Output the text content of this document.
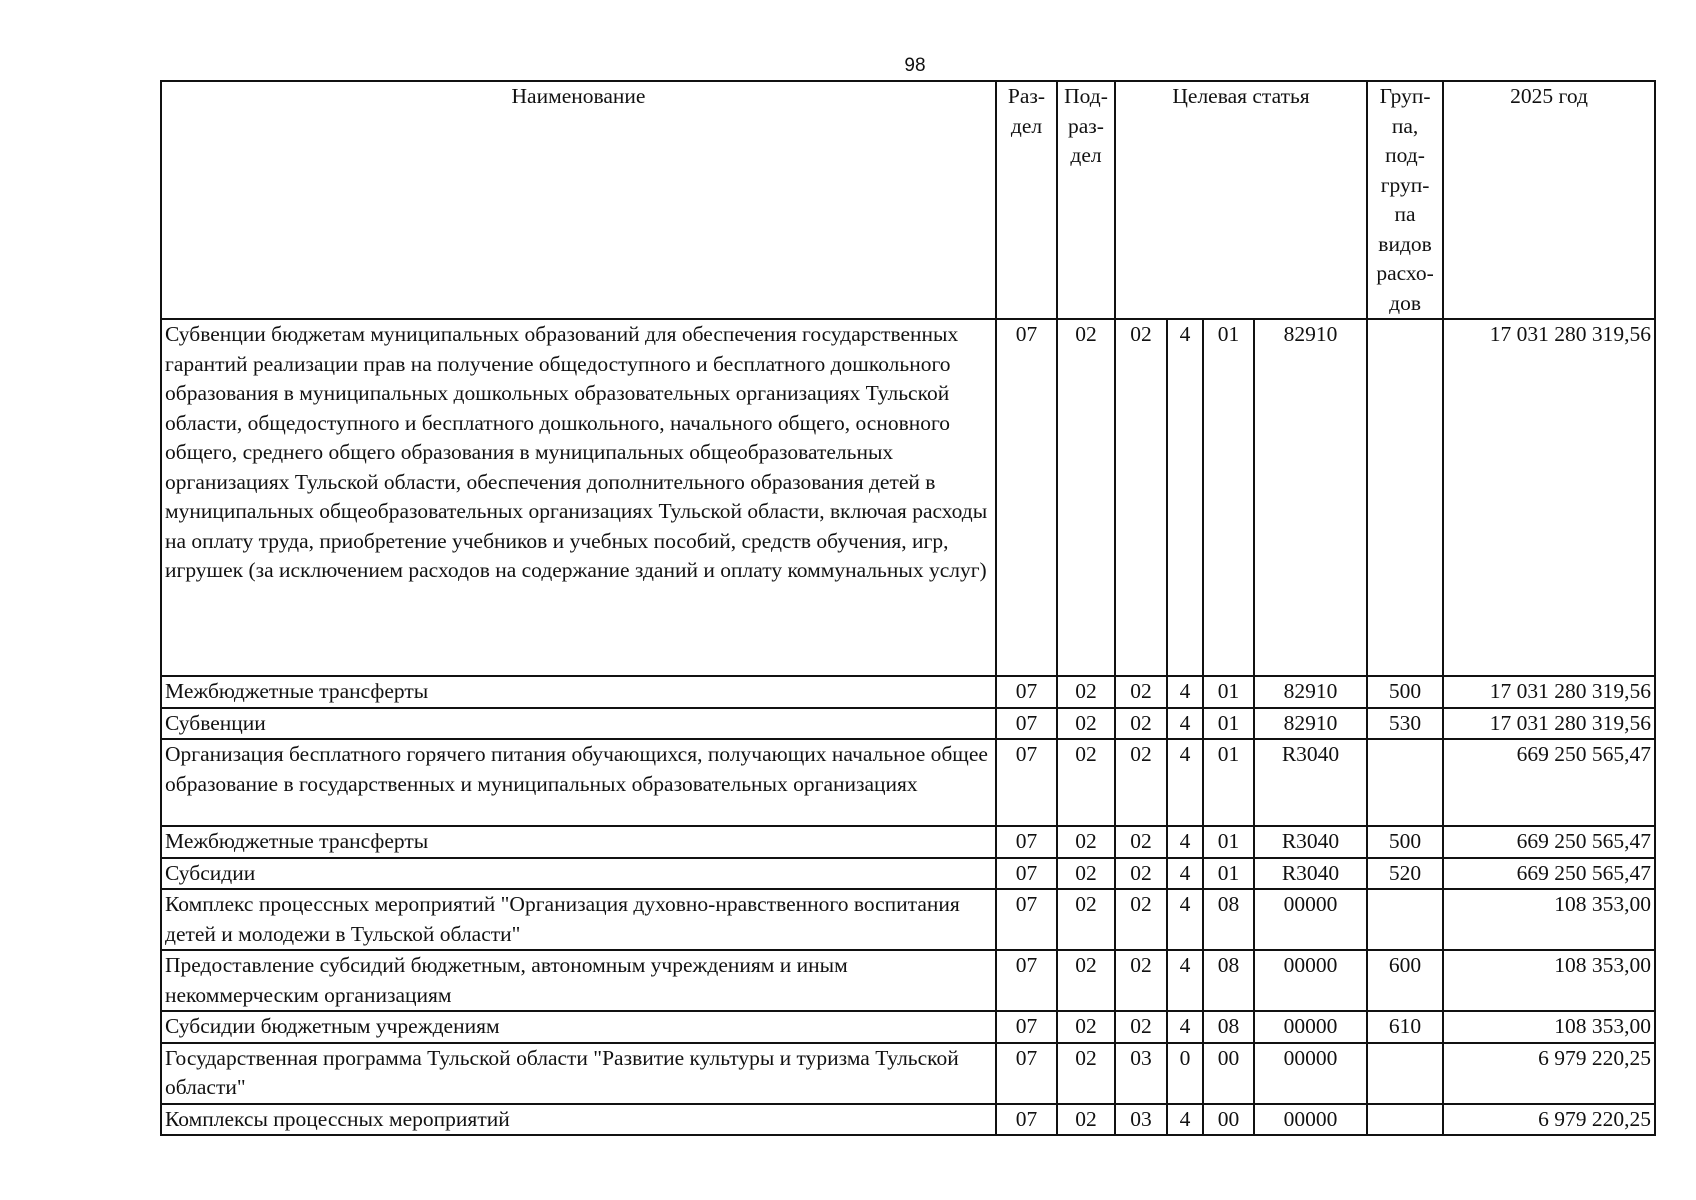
98
Наименование	Раз-дел	Под-раз-дел	Целевая статья				Груп-па, под-груп-па видов расхо-дов	2025 год
Субвенции бюджетам муниципальных образований для обеспечения государственных гарантий реализации прав на получение общедоступного и бесплатного дошкольного образования в муниципальных дошкольных образовательных организациях Тульской области, общедоступного и бесплатного дошкольного, начального общего, основного общего, среднего общего образования в муниципальных общеобразовательных организациях Тульской области, обеспечения дополнительного образования детей в муниципальных общеобразовательных организациях Тульской области, включая расходы на оплату труда, приобретение учебников и учебных пособий, средств обучения, игр, игрушек (за исключением расходов на содержание зданий и оплату коммунальных услуг)	07	02	02	4	01	82910		17 031 280 319,56
Межбюджетные трансферты	07	02	02	4	01	82910	500	17 031 280 319,56
Субвенции	07	02	02	4	01	82910	530	17 031 280 319,56
Организация бесплатного горячего питания обучающихся, получающих начальное общее образование в государственных и муниципальных образовательных организациях	07	02	02	4	01	R3040		669 250 565,47
Межбюджетные трансферты	07	02	02	4	01	R3040	500	669 250 565,47
Субсидии	07	02	02	4	01	R3040	520	669 250 565,47
Комплекс процессных мероприятий "Организация духовно-нравственного воспитания детей и молодежи в Тульской области"	07	02	02	4	08	00000		108 353,00
Предоставление субсидий бюджетным, автономным учреждениям и иным некоммерческим организациям	07	02	02	4	08	00000	600	108 353,00
Субсидии бюджетным учреждениям	07	02	02	4	08	00000	610	108 353,00
Государственная программа Тульской области "Развитие культуры и туризма Тульской области"	07	02	03	0	00	00000		6 979 220,25
Комплексы процессных мероприятий	07	02	03	4	00	00000		6 979 220,25
